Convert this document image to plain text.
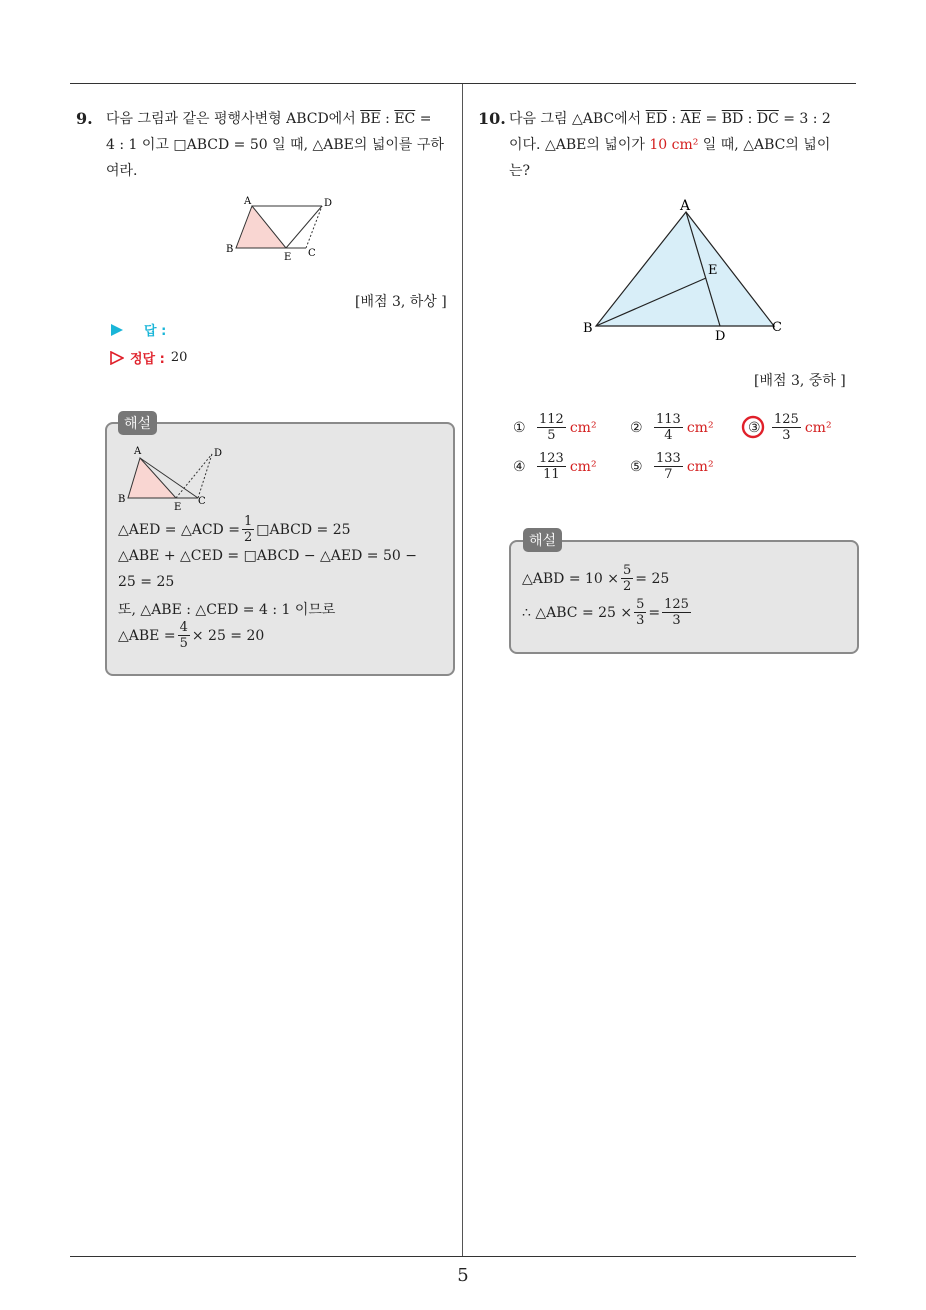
9. 다음 그림과 같은 평행사변형 ABCD에서 $\overline{BE}$ : $\overline{EC}$ =
4 : 1 이고 □ABCD = 50 일 때, △ABE의 넓이를 구하
여라.
A
B
E C
D
[배점 3, 하상 ]
답 :
정답 : 20
해설
A
B
E
C
D
△AED = △ACD = $\frac{1}{2}$ □ABCD = 25
△ABE + △CED = □ABCD − △AED = 50 −
25 = 25
또, △ABE : △CED = 4 : 1 이므로
△ABE = $\frac{4}{5} \times 25 = 20$
10. 다음 그림 △ABC에서 $\overline{ED}$ : $\overline{AE} = \overline{BD}$ : $\overline{DC} = 3$ : 2
이다. △ABE의 넓이가 10 cm² 일 때, △ABC의 넓이
는?
A
E
B
D
C
[배점 3, 중하 ]
① $\frac{112}{5} cm^2$ ② $\frac{113}{4} cm^2$ ③ $\frac{125}{3} cm^2$
④ $\frac{123}{11} cm^2$ ⑤ $\frac{133}{7} cm^2$
해설
△ABD = $10 \times \frac{5}{2} = 25$
∴ △ABC = $25 \times \frac{5}{3} = \frac{125}{3}$
5
